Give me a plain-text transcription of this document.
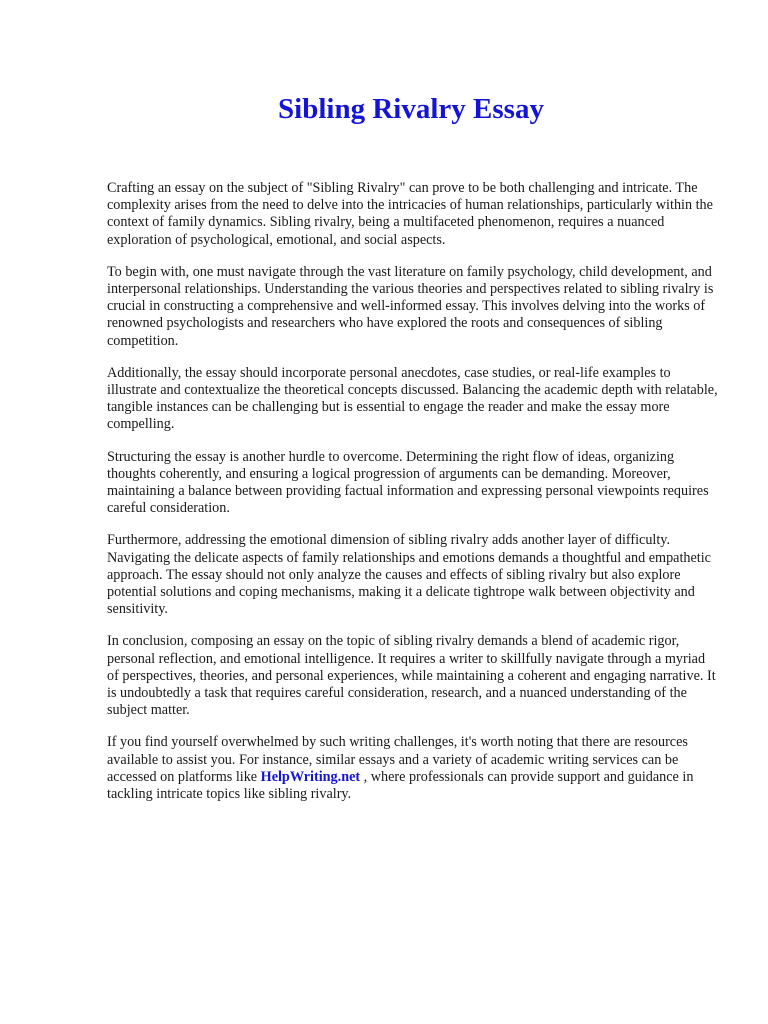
Sibling Rivalry Essay

Crafting an essay on the subject of "Sibling Rivalry" can prove to be both challenging and intricate. The complexity arises from the need to delve into the intricacies of human relationships, particularly within the context of family dynamics. Sibling rivalry, being a multifaceted phenomenon, requires a nuanced exploration of psychological, emotional, and social aspects.

To begin with, one must navigate through the vast literature on family psychology, child development, and interpersonal relationships. Understanding the various theories and perspectives related to sibling rivalry is crucial in constructing a comprehensive and well-informed essay. This involves delving into the works of renowned psychologists and researchers who have explored the roots and consequences of sibling competition.

Additionally, the essay should incorporate personal anecdotes, case studies, or real-life examples to illustrate and contextualize the theoretical concepts discussed. Balancing the academic depth with relatable, tangible instances can be challenging but is essential to engage the reader and make the essay more compelling.

Structuring the essay is another hurdle to overcome. Determining the right flow of ideas, organizing thoughts coherently, and ensuring a logical progression of arguments can be demanding. Moreover, maintaining a balance between providing factual information and expressing personal viewpoints requires careful consideration.

Furthermore, addressing the emotional dimension of sibling rivalry adds another layer of difficulty. Navigating the delicate aspects of family relationships and emotions demands a thoughtful and empathetic approach. The essay should not only analyze the causes and effects of sibling rivalry but also explore potential solutions and coping mechanisms, making it a delicate tightrope walk between objectivity and sensitivity.

In conclusion, composing an essay on the topic of sibling rivalry demands a blend of academic rigor, personal reflection, and emotional intelligence. It requires a writer to skillfully navigate through a myriad of perspectives, theories, and personal experiences, while maintaining a coherent and engaging narrative. It is undoubtedly a task that requires careful consideration, research, and a nuanced understanding of the subject matter.

If you find yourself overwhelmed by such writing challenges, it's worth noting that there are resources available to assist you. For instance, similar essays and a variety of academic writing services can be accessed on platforms like HelpWriting.net , where professionals can provide support and guidance in tackling intricate topics like sibling rivalry.
